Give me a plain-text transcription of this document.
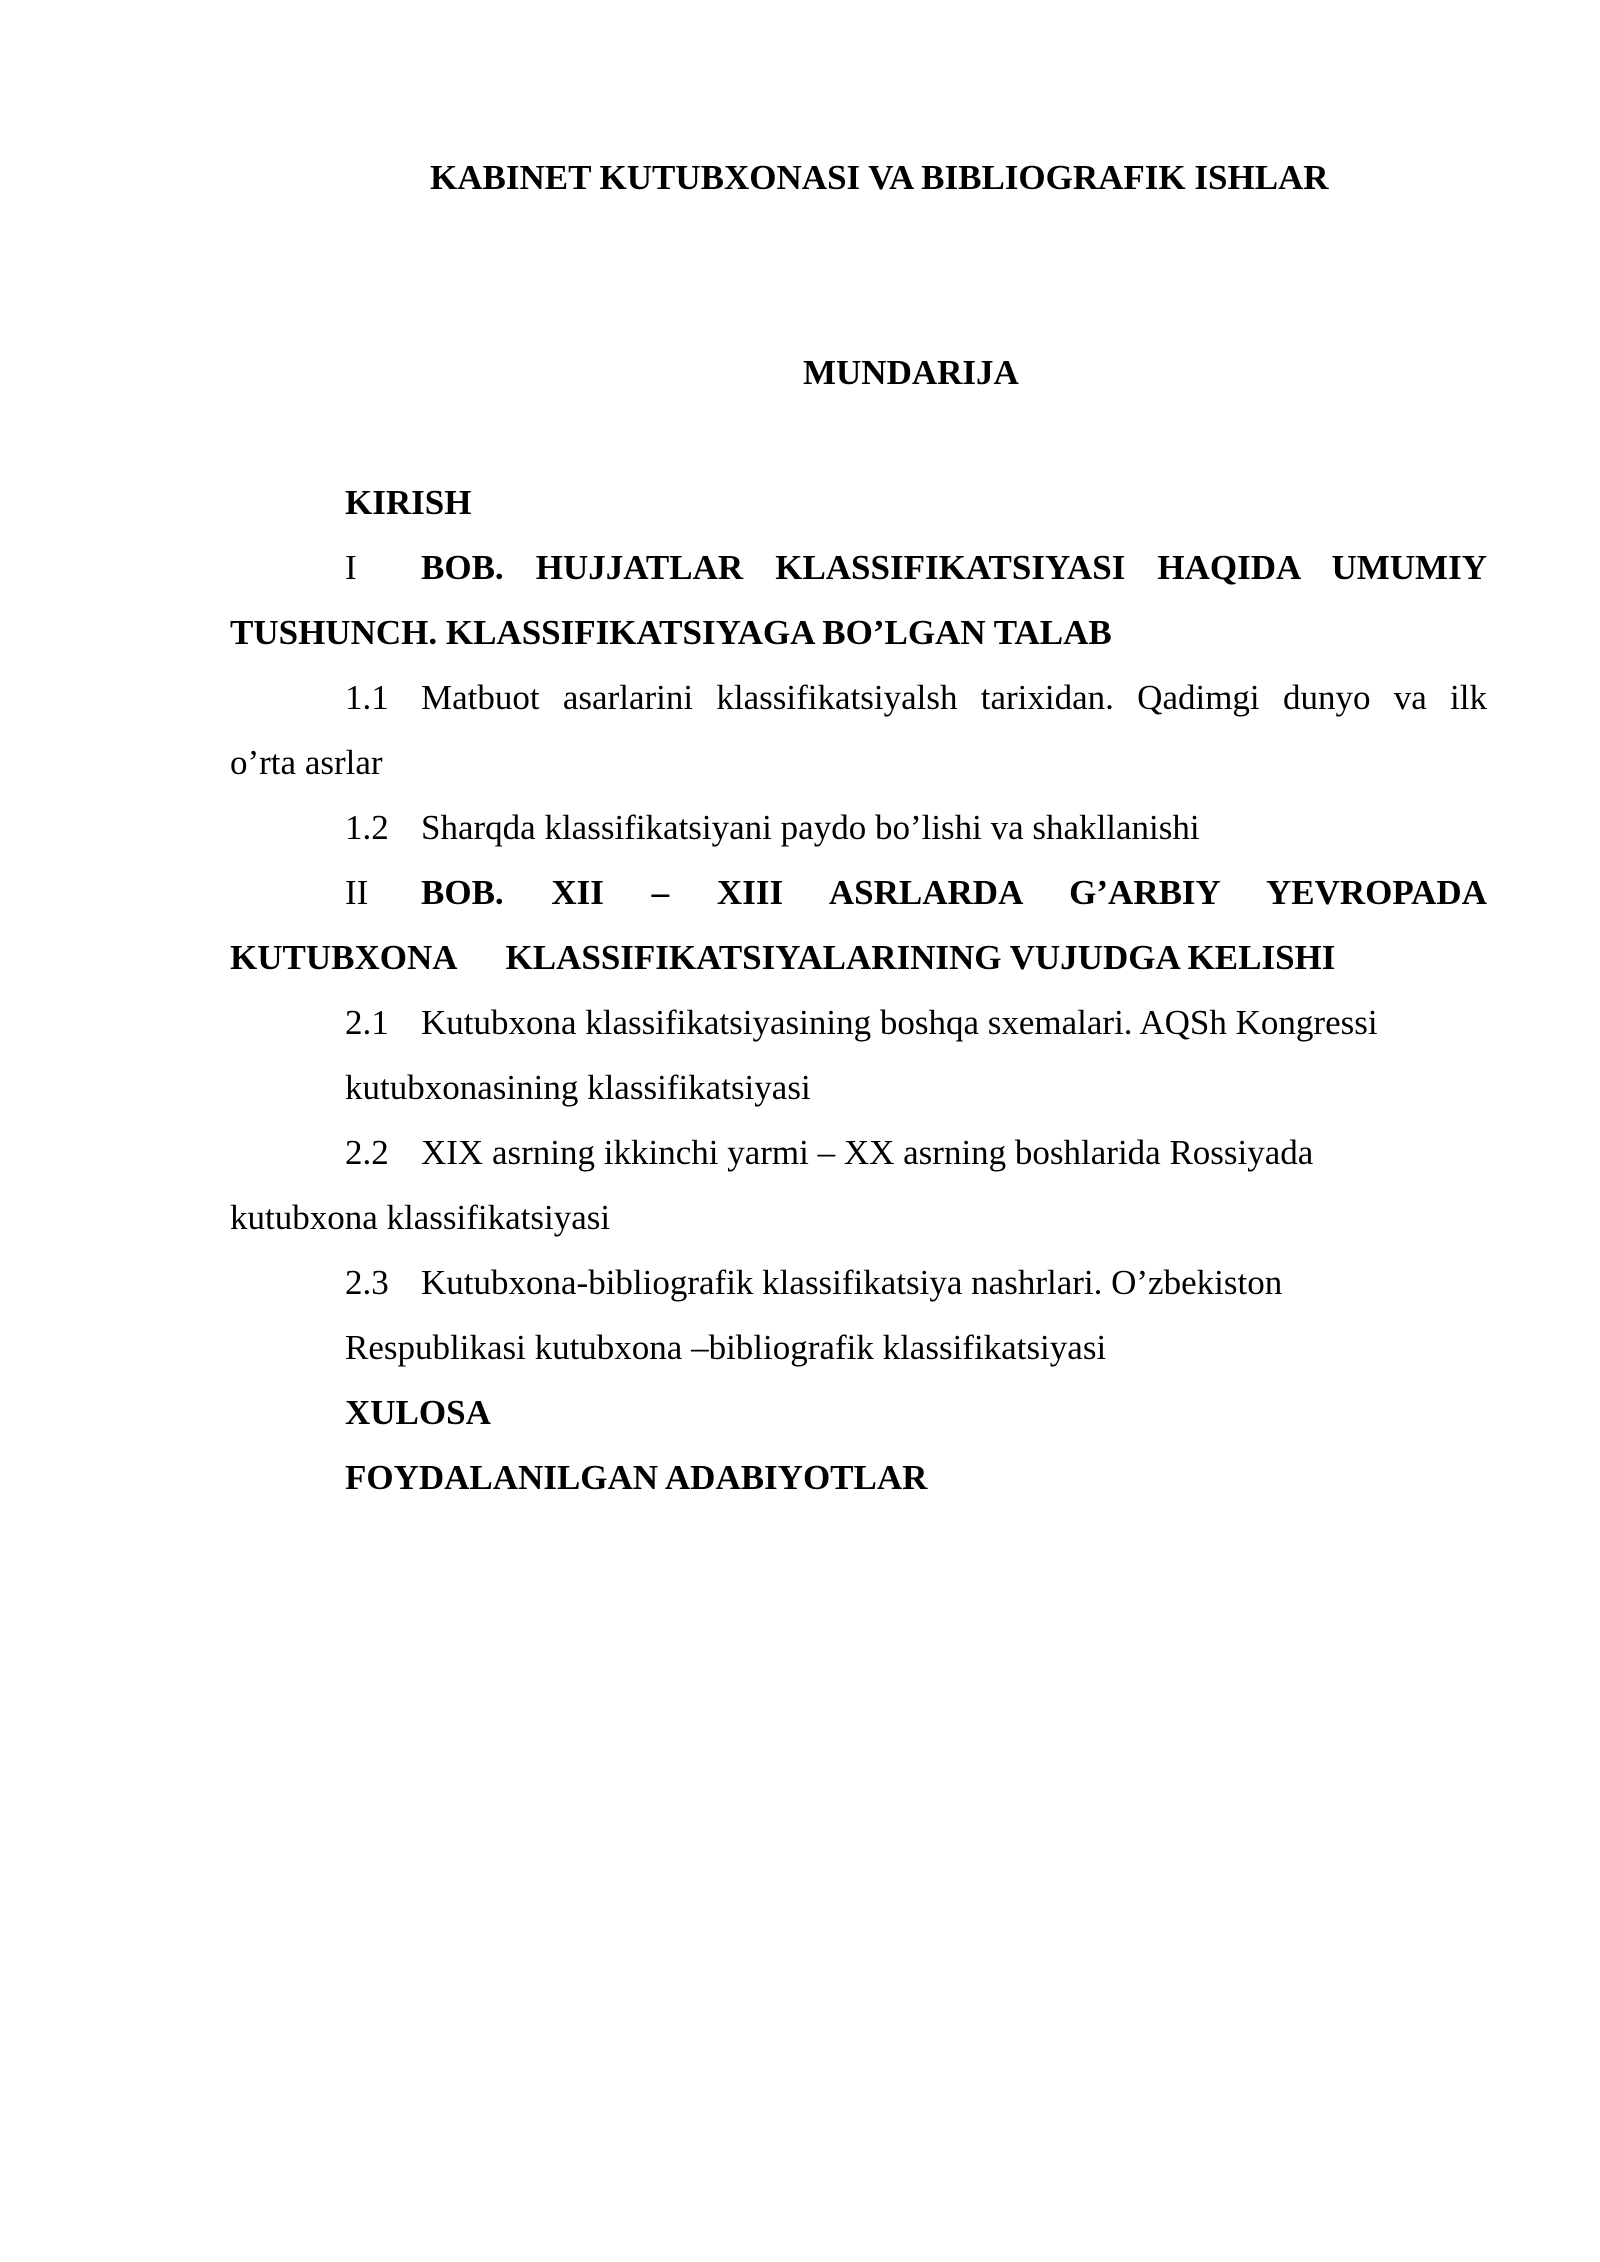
KABINET KUTUBXONASI VA BIBLIOGRAFIK ISHLAR
MUNDARIJA
KIRISH
I BOB. HUJJATLAR KLASSIFIKATSIYASI HAQIDA UMUMIY
TUSHUNCH. KLASSIFIKATSIYAGA BO’LGAN TALAB
1.1 Matbuot asarlarini klassifikatsiyalsh tarixidan. Qadimgi dunyo va ilk
o’rta asrlar
1.2 Sharqda klassifikatsiyani paydo bo’lishi va shakllanishi
II BOB. XII – XIII ASRLARDA G’ARBIY YEVROPADA
KUTUBXONA KLASSIFIKATSIYALARINING VUJUDGA KELISHI
2.1 Kutubxona klassifikatsiyasining boshqa sxemalari. AQSh Kongressi
kutubxonasining klassifikatsiyasi
2.2 XIX asrning ikkinchi yarmi – XX asrning boshlarida Rossiyada
kutubxona klassifikatsiyasi
2.3 Kutubxona-bibliografik klassifikatsiya nashrlari. O’zbekiston
Respublikasi kutubxona –bibliografik klassifikatsiyasi
XULOSA
FOYDALANILGAN ADABIYOTLAR
